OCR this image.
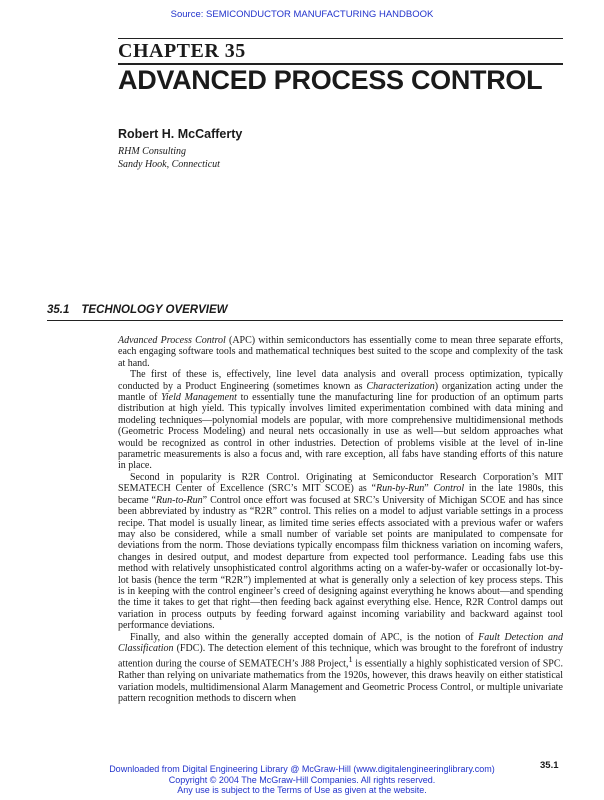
Source: SEMICONDUCTOR MANUFACTURING HANDBOOK
CHAPTER 35
ADVANCED PROCESS CONTROL

Robert H. McCafferty

RHM Consulting

Sandy Hook, Connecticut

35.1 TECHNOLOGY OVERVIEW

Advanced Process Control (APC) within semiconductors has essentially come to mean three separate efforts, each engaging software tools and mathematical techniques best suited to the scope and complexity of the task at hand.

The first of these is, effectively, line level data analysis and overall process optimization, typically conducted by a Product Engineering (sometimes known as Characterization) organization acting under the mantle of Yield Management to essentially tune the manufacturing line for production of an optimum parts distribution at high yield. This typically involves limited experimentation combined with data mining and modeling techniques—polynomial models are popular, with more comprehensive multidimensional methods (Geometric Process Modeling) and neural nets occasionally in use as well—but seldom approaches what would be recognized as control in other industries. Detection of problems visible at the level of in-line parametric measurements is also a focus and, with rare exception, all fabs have standing efforts of this nature in place.

Second in popularity is R2R Control. Originating at Semiconductor Research Corporation’s MIT SEMATECH Center of Excellence (SRC’s MIT SCOE) as “Run-by-Run” Control in the late 1980s, this became “Run-to-Run” Control once effort was focused at SRC’s University of Michigan SCOE and has since been abbreviated by industry as “R2R” control. This relies on a model to adjust variable settings in a process recipe. That model is usually linear, as limited time series effects associated with a previous wafer or wafers may also be considered, while a small number of variable set points are manipulated to compensate for deviations from the norm. Those deviations typically encompass film thickness variation on incoming wafers, changes in desired output, and modest departure from expected tool performance. Leading fabs use this method with relatively unsophisticated control algorithms acting on a wafer-by-wafer or occasionally lot-by-lot basis (hence the term “R2R”) implemented at what is generally only a selection of key process steps. This is in keeping with the control engineer’s creed of designing against everything he knows about—and spending the time it takes to get that right—then feeding back against everything else. Hence, R2R Control damps out variation in process outputs by feeding forward against incoming variability and backward against tool performance deviations.

Finally, and also within the generally accepted domain of APC, is the notion of Fault Detection and Classification (FDC). The detection element of this technique, which was brought to the forefront of industry attention during the course of SEMATECH’s J88 Project,$^1$ is essentially a highly sophisticated version of SPC. Rather than relying on univariate mathematics from the 1920s, however, this draws heavily on either statistical variation models, multidimensional Alarm Management and Geometric Process Control, or multiple univariate pattern recognition methods to discern when

35.1

Downloaded from Digital Engineering Library @ McGraw-Hill (www.digitalengineeringlibrary.com)
Copyright © 2004 The McGraw-Hill Companies. All rights reserved.
Any use is subject to the Terms of Use as given at the website.
